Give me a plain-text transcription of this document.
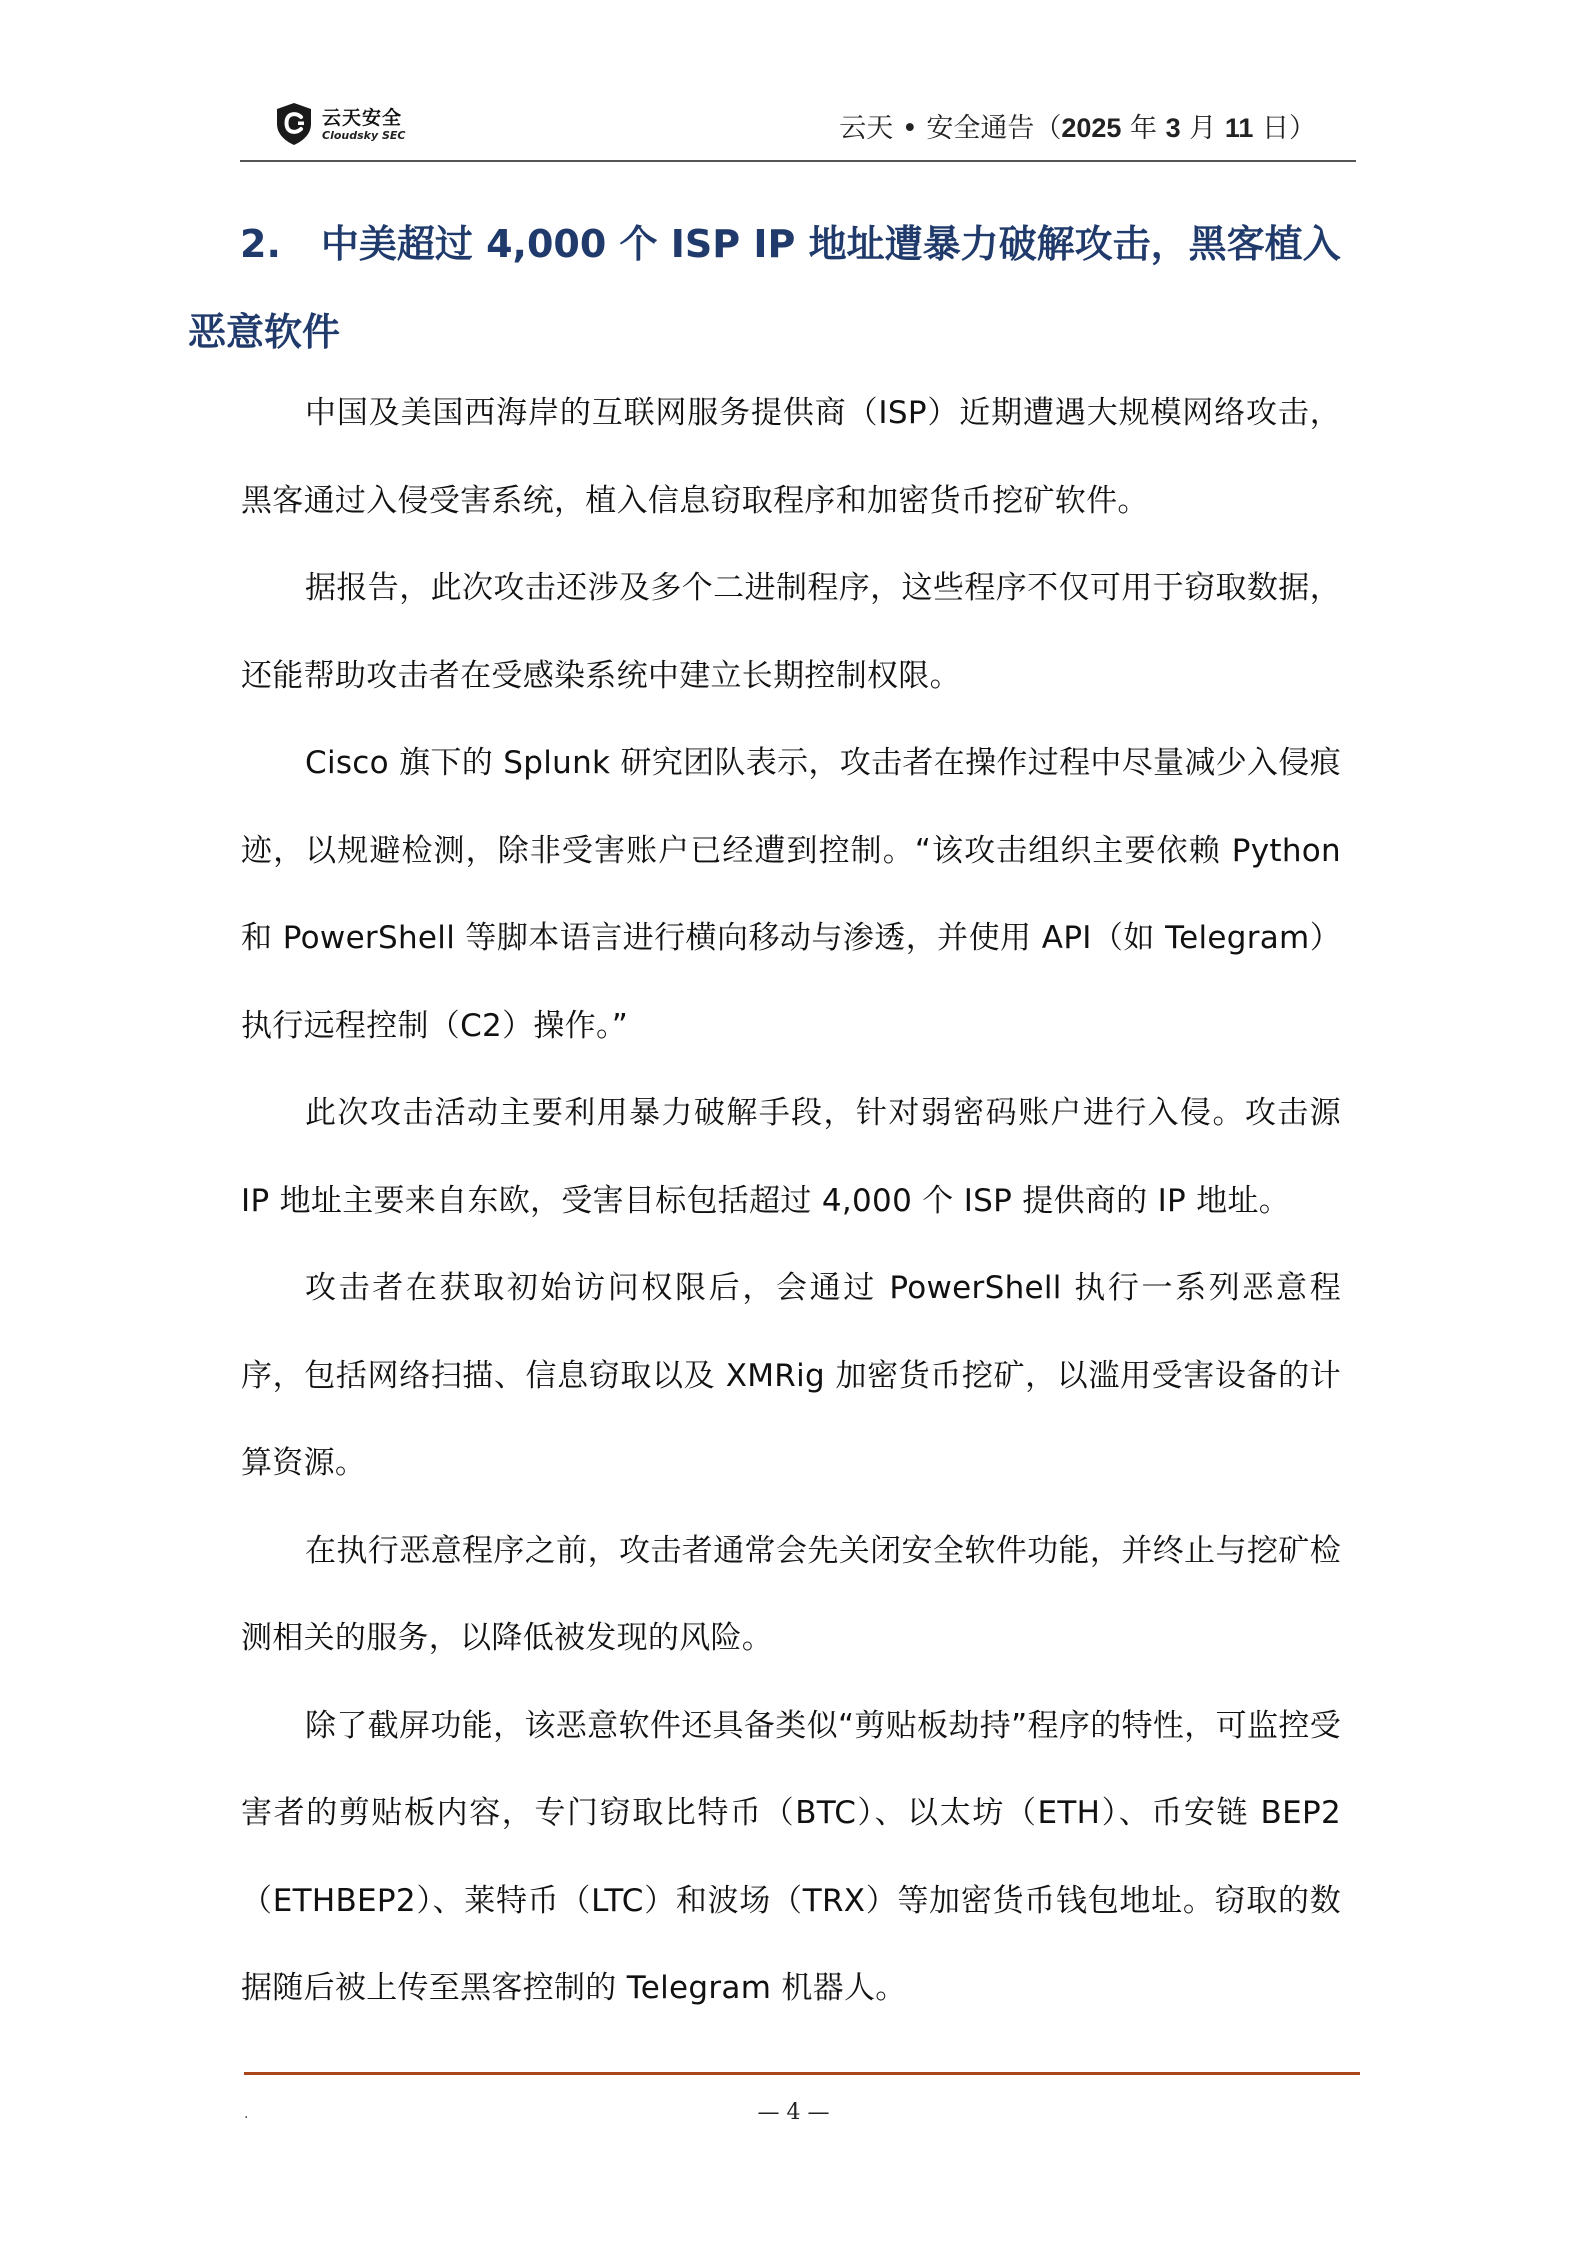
云天安全
Cloudsky SEC	云天 • 安全通告（2025 年 3 月 11 日）
2. 中美超过 4,000 个 ISP IP 地址遭暴力破解攻击，黑客植入恶意软件

中国及美国西海岸的互联网服务提供商（ISP）近期遭遇大规模网络攻击，黑客通过入侵受害系统，植入信息窃取程序和加密货币挖矿软件。

据报告，此次攻击还涉及多个二进制程序，这些程序不仅可用于窃取数据，还能帮助攻击者在受感染系统中建立长期控制权限。

Cisco 旗下的 Splunk 研究团队表示，攻击者在操作过程中尽量减少入侵痕迹，以规避检测，除非受害账户已经遭到控制。“该攻击组织主要依赖 Python 和 PowerShell 等脚本语言进行横向移动与渗透，并使用 API（如 Telegram）执行远程控制（C2）操作。”

此次攻击活动主要利用暴力破解手段，针对弱密码账户进行入侵。攻击源 IP 地址主要来自东欧，受害目标包括超过 4,000 个 ISP 提供商的 IP 地址。

攻击者在获取初始访问权限后，会通过 PowerShell 执行一系列恶意程序，包括网络扫描、信息窃取以及 XMRig 加密货币挖矿，以滥用受害设备的计算资源。

在执行恶意程序之前，攻击者通常会先关闭安全软件功能，并终止与挖矿检测相关的服务，以降低被发现的风险。

除了截屏功能，该恶意软件还具备类似“剪贴板劫持”程序的特性，可监控受害者的剪贴板内容，专门窃取比特币（BTC）、以太坊（ETH）、币安链 BEP2（ETHBEP2）、莱特币（LTC）和波场（TRX）等加密货币钱包地址。窃取的数据随后被上传至黑客控制的 Telegram 机器人。

.	— 4 —
